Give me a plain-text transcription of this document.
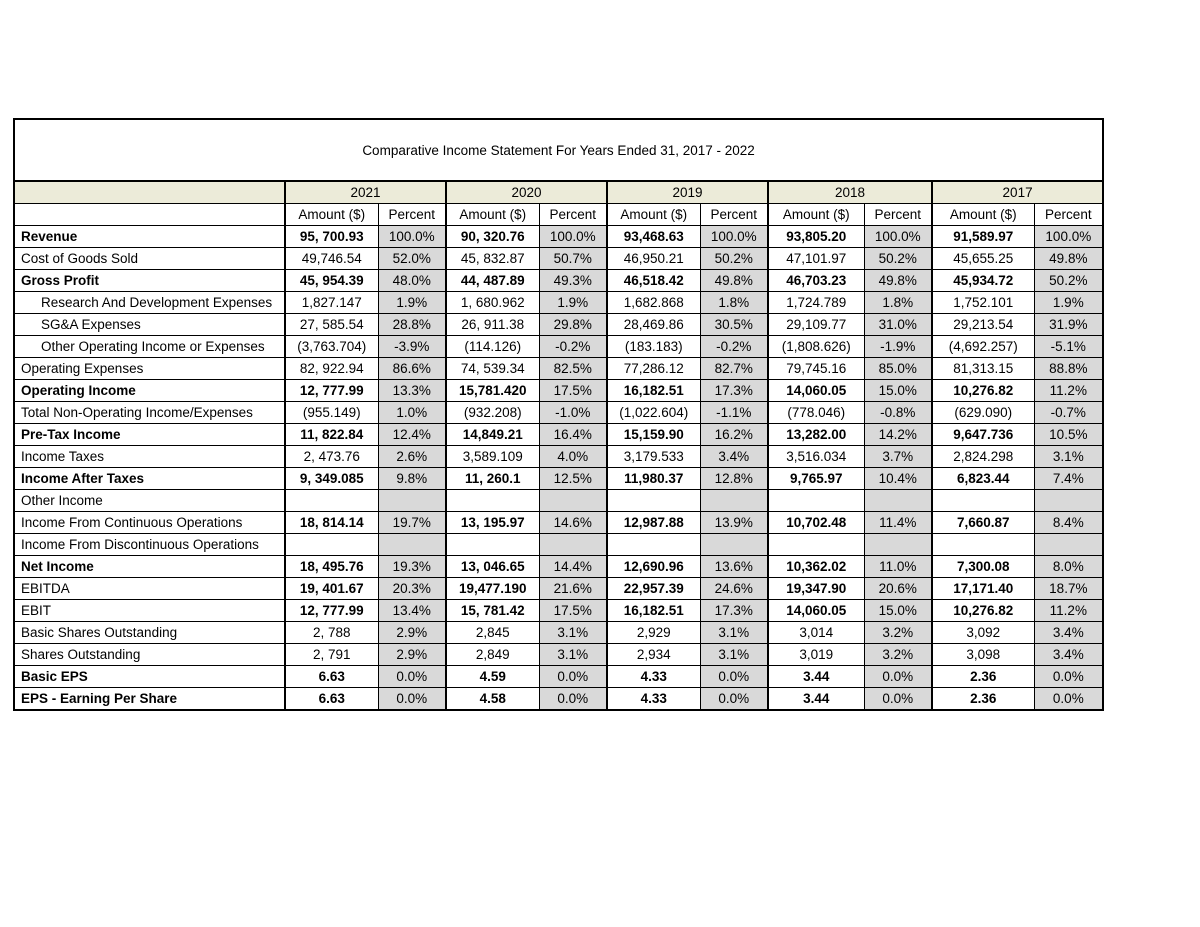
Comparative Income Statement For Years Ended 31, 2017 - 2022										
	2021		2020		2019		2018		2017	
	Amount ($)	Percent	Amount ($)	Percent	Amount ($)	Percent	Amount ($)	Percent	Amount ($)	Percent
Revenue	95, 700.93	100.0%	90, 320.76	100.0%	93,468.63	100.0%	93,805.20	100.0%	91,589.97	100.0%
Cost of Goods Sold	49,746.54	52.0%	45, 832.87	50.7%	46,950.21	50.2%	47,101.97	50.2%	45,655.25	49.8%
Gross Profit	45, 954.39	48.0%	44, 487.89	49.3%	46,518.42	49.8%	46,703.23	49.8%	45,934.72	50.2%
Research And Development Expenses	1,827.147	1.9%	1, 680.962	1.9%	1,682.868	1.8%	1,724.789	1.8%	1,752.101	1.9%
SG&A Expenses	27, 585.54	28.8%	26, 911.38	29.8%	28,469.86	30.5%	29,109.77	31.0%	29,213.54	31.9%
Other Operating Income or Expenses	(3,763.704)	-3.9%	(114.126)	-0.2%	(183.183)	-0.2%	(1,808.626)	-1.9%	(4,692.257)	-5.1%
Operating Expenses	82, 922.94	86.6%	74, 539.34	82.5%	77,286.12	82.7%	79,745.16	85.0%	81,313.15	88.8%
Operating Income	12, 777.99	13.3%	15,781.420	17.5%	16,182.51	17.3%	14,060.05	15.0%	10,276.82	11.2%
Total Non-Operating Income/Expenses	(955.149)	1.0%	(932.208)	-1.0%	(1,022.604)	-1.1%	(778.046)	-0.8%	(629.090)	-0.7%
Pre-Tax Income	11, 822.84	12.4%	14,849.21	16.4%	15,159.90	16.2%	13,282.00	14.2%	9,647.736	10.5%
Income Taxes	2, 473.76	2.6%	3,589.109	4.0%	3,179.533	3.4%	3,516.034	3.7%	2,824.298	3.1%
Income After Taxes	9, 349.085	9.8%	11, 260.1	12.5%	11,980.37	12.8%	9,765.97	10.4%	6,823.44	7.4%
Other Income										
Income From Continuous Operations	18, 814.14	19.7%	13, 195.97	14.6%	12,987.88	13.9%	10,702.48	11.4%	7,660.87	8.4%
Income From Discontinuous Operations										
Net Income	18, 495.76	19.3%	13, 046.65	14.4%	12,690.96	13.6%	10,362.02	11.0%	7,300.08	8.0%
EBITDA	19, 401.67	20.3%	19,477.190	21.6%	22,957.39	24.6%	19,347.90	20.6%	17,171.40	18.7%
EBIT	12, 777.99	13.4%	15, 781.42	17.5%	16,182.51	17.3%	14,060.05	15.0%	10,276.82	11.2%
Basic Shares Outstanding	2, 788	2.9%	2,845	3.1%	2,929	3.1%	3,014	3.2%	3,092	3.4%
Shares Outstanding	2, 791	2.9%	2,849	3.1%	2,934	3.1%	3,019	3.2%	3,098	3.4%
Basic EPS	6.63	0.0%	4.59	0.0%	4.33	0.0%	3.44	0.0%	2.36	0.0%
EPS - Earning Per Share	6.63	0.0%	4.58	0.0%	4.33	0.0%	3.44	0.0%	2.36	0.0%
